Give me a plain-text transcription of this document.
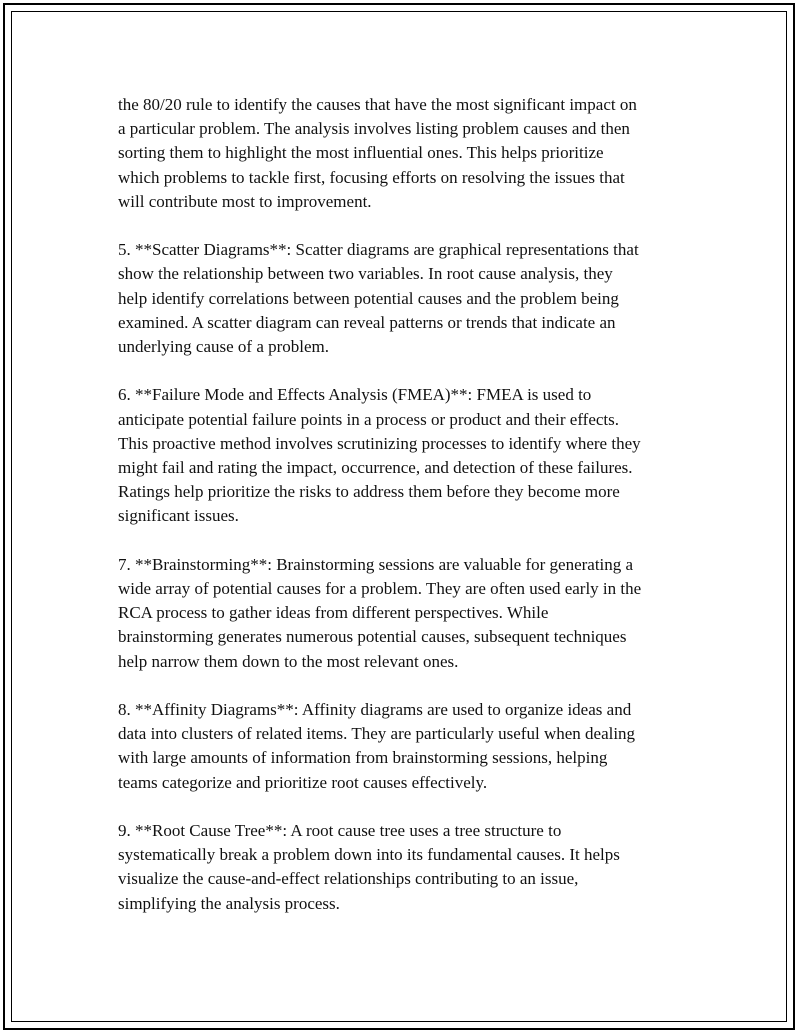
the 80/20 rule to identify the causes that have the most significant impact on
a particular problem. The analysis involves listing problem causes and then
sorting them to highlight the most influential ones. This helps prioritize
which problems to tackle first, focusing efforts on resolving the issues that
will contribute most to improvement.
5. **Scatter Diagrams**: Scatter diagrams are graphical representations that
show the relationship between two variables. In root cause analysis, they
help identify correlations between potential causes and the problem being
examined. A scatter diagram can reveal patterns or trends that indicate an
underlying cause of a problem.
6. **Failure Mode and Effects Analysis (FMEA)**: FMEA is used to
anticipate potential failure points in a process or product and their effects.
This proactive method involves scrutinizing processes to identify where they
might fail and rating the impact, occurrence, and detection of these failures.
Ratings help prioritize the risks to address them before they become more
significant issues.
7. **Brainstorming**: Brainstorming sessions are valuable for generating a
wide array of potential causes for a problem. They are often used early in the
RCA process to gather ideas from different perspectives. While
brainstorming generates numerous potential causes, subsequent techniques
help narrow them down to the most relevant ones.
8. **Affinity Diagrams**: Affinity diagrams are used to organize ideas and
data into clusters of related items. They are particularly useful when dealing
with large amounts of information from brainstorming sessions, helping
teams categorize and prioritize root causes effectively.
9. **Root Cause Tree**: A root cause tree uses a tree structure to
systematically break a problem down into its fundamental causes. It helps
visualize the cause-and-effect relationships contributing to an issue,
simplifying the analysis process.
